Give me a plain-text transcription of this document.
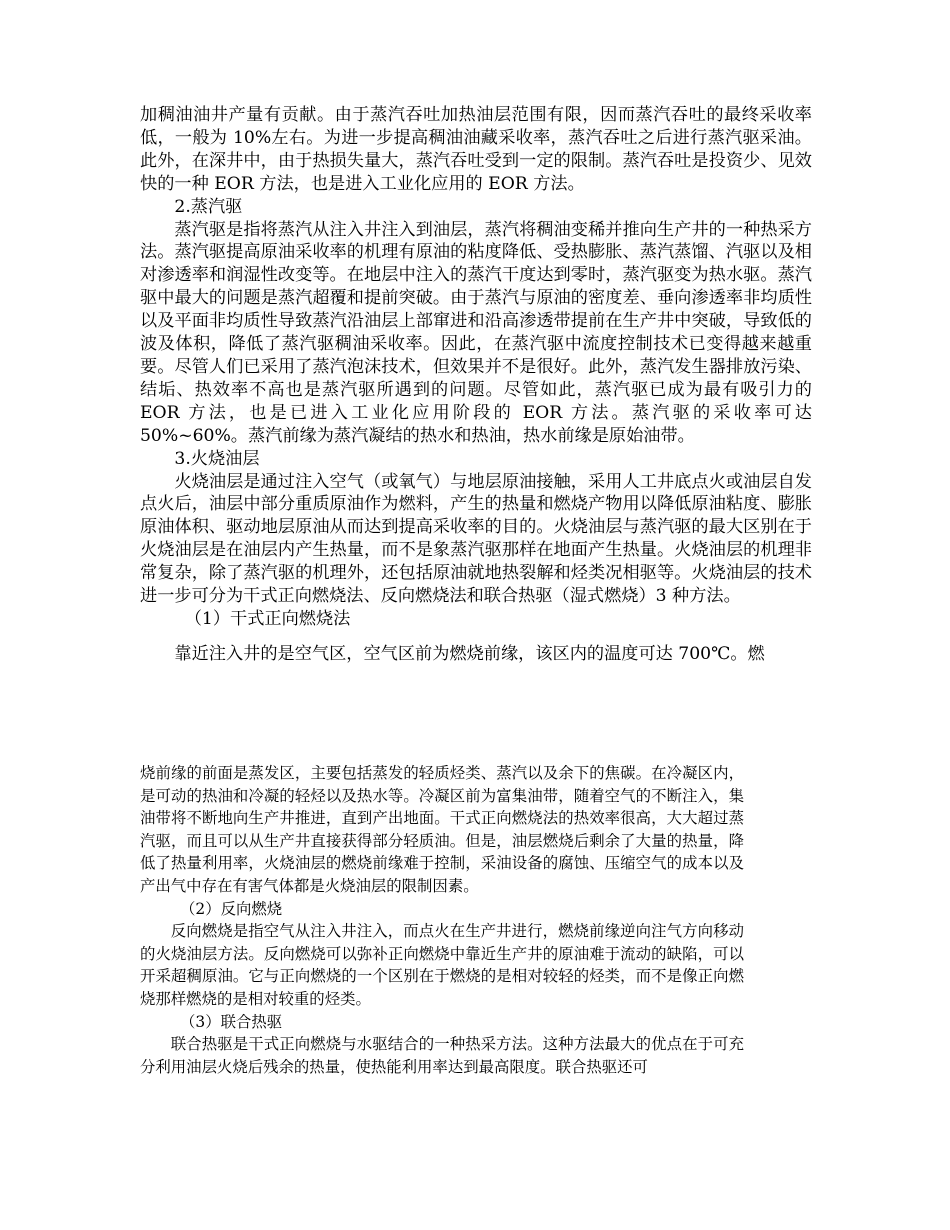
加稠油油井产量有贡献。由于蒸汽吞吐加热油层范围有限，因而蒸汽吞吐的最终采收率低，一般为 10%左右。为进一步提高稠油油藏采收率，蒸汽吞吐之后进行蒸汽驱采油。此外，在深井中，由于热损失量大，蒸汽吞吐受到一定的限制。蒸汽吞吐是投资少、见效快的一种 EOR 方法，也是进入工业化应用的 EOR 方法。

2.蒸汽驱

蒸汽驱是指将蒸汽从注入井注入到油层，蒸汽将稠油变稀并推向生产井的一种热采方法。蒸汽驱提高原油采收率的机理有原油的粘度降低、受热膨胀、蒸汽蒸馏、汽驱以及相对渗透率和润湿性改变等。在地层中注入的蒸汽干度达到零时，蒸汽驱变为热水驱。蒸汽驱中最大的问题是蒸汽超覆和提前突破。由于蒸汽与原油的密度差、垂向渗透率非均质性以及平面非均质性导致蒸汽沿油层上部窜进和沿高渗透带提前在生产井中突破，导致低的波及体积，降低了蒸汽驱稠油采收率。因此，在蒸汽驱中流度控制技术已变得越来越重要。尽管人们已采用了蒸汽泡沫技术，但效果并不是很好。此外，蒸汽发生器排放污染、结垢、热效率不高也是蒸汽驱所遇到的问题。尽管如此，蒸汽驱已成为最有吸引力的 EOR 方法，也是已进入工业化应用阶段的 EOR 方法。蒸汽驱的采收率可达 50%~60%。蒸汽前缘为蒸汽凝结的热水和热油，热水前缘是原始油带。

3.火烧油层

火烧油层是通过注入空气（或氧气）与地层原油接触，采用人工井底点火或油层自发点火后，油层中部分重质原油作为燃料，产生的热量和燃烧产物用以降低原油粘度、膨胀原油体积、驱动地层原油从而达到提高采收率的目的。火烧油层与蒸汽驱的最大区别在于火烧油层是在油层内产生热量，而不是象蒸汽驱那样在地面产生热量。火烧油层的机理非常复杂，除了蒸汽驱的机理外，还包括原油就地热裂解和烃类况相驱等。火烧油层的技术进一步可分为干式正向燃烧法、反向燃烧法和联合热驱（湿式燃烧）3 种方法。

（1）干式正向燃烧法

靠近注入井的是空气区，空气区前为燃烧前缘，该区内的温度可达 700℃。燃

烧前缘的前面是蒸发区，主要包括蒸发的轻质烃类、蒸汽以及余下的焦碳。在冷凝区内，是可动的热油和冷凝的轻烃以及热水等。冷凝区前为富集油带，随着空气的不断注入，集油带将不断地向生产井推进，直到产出地面。干式正向燃烧法的热效率很高，大大超过蒸汽驱，而且可以从生产井直接获得部分轻质油。但是，油层燃烧后剩余了大量的热量，降低了热量利用率，火烧油层的燃烧前缘难于控制，采油设备的腐蚀、压缩空气的成本以及产出气中存在有害气体都是火烧油层的限制因素。

（2）反向燃烧

反向燃烧是指空气从注入井注入，而点火在生产井进行，燃烧前缘逆向注气方向移动的火烧油层方法。反向燃烧可以弥补正向燃烧中靠近生产井的原油难于流动的缺陷，可以开采超稠原油。它与正向燃烧的一个区别在于燃烧的是相对较轻的烃类，而不是像正向燃烧那样燃烧的是相对较重的烃类。

（3）联合热驱

联合热驱是干式正向燃烧与水驱结合的一种热采方法。这种方法最大的优点在于可充分利用油层火烧后残余的热量，使热能利用率达到最高限度。联合热驱还可
